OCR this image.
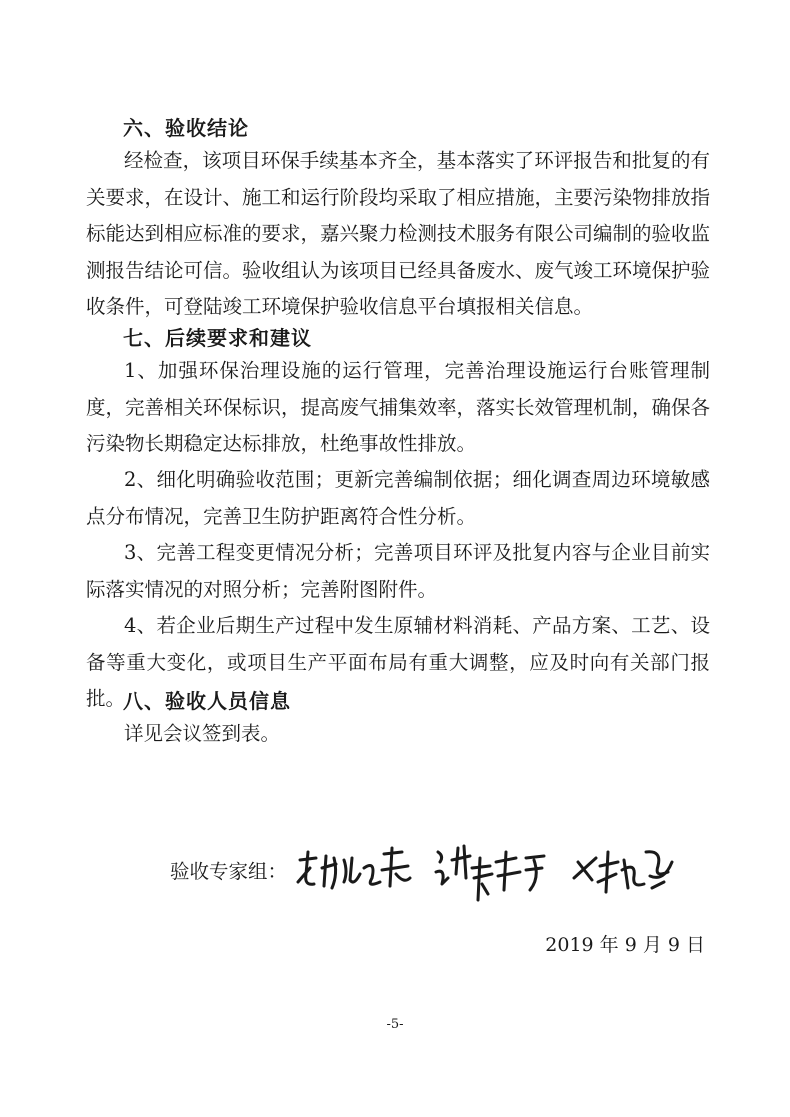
六、验收结论

经检查，该项目环保手续基本齐全，基本落实了环评报告和批复的有关要求，在设计、施工和运行阶段均采取了相应措施，主要污染物排放指标能达到相应标准的要求，嘉兴聚力检测技术服务有限公司编制的验收监测报告结论可信。验收组认为该项目已经具备废水、废气竣工环境保护验收条件，可登陆竣工环境保护验收信息平台填报相关信息。

七、后续要求和建议

1、加强环保治理设施的运行管理，完善治理设施运行台账管理制度，完善相关环保标识，提高废气捕集效率，落实长效管理机制，确保各污染物长期稳定达标排放，杜绝事故性排放。

2、细化明确验收范围；更新完善编制依据；细化调查周边环境敏感点分布情况，完善卫生防护距离符合性分析。

3、完善工程变更情况分析；完善项目环评及批复内容与企业目前实际落实情况的对照分析；完善附图附件。

4、若企业后期生产过程中发生原辅材料消耗、产品方案、工艺、设备等重大变化，或项目生产平面布局有重大调整，应及时向有关部门报批。

八、验收人员信息
详见会议签到表。
验收专家组：
2019 年 9 月 9 日
-5-
